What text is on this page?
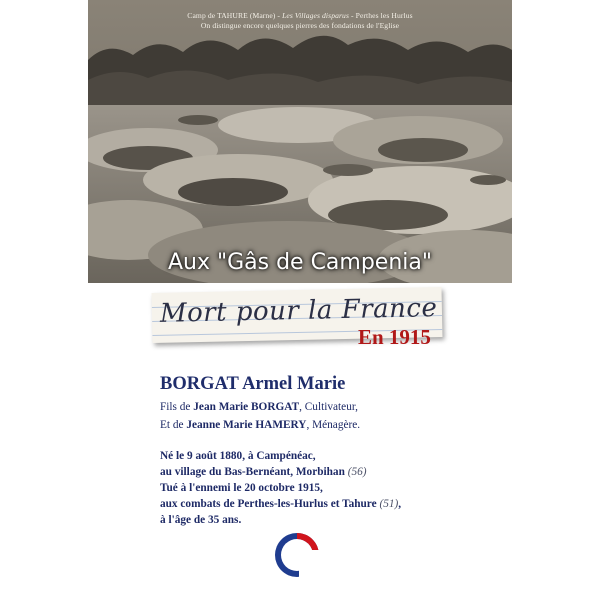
Camp de TAHURE (Marne) - Les Villages disparus - Perthes les Hurlus
On distingue encore quelques pierres des fondations de l'Eglise
Aux "Gâs de Campenia"
Mort pour la France
En 1915
BORGAT Armel Marie
Fils de Jean Marie BORGAT, Cultivateur,
Et de Jeanne Marie HAMERY, Ménagère.
Né le 9 août 1880, à Campénéac,
au village du Bas-Bernéant, Morbihan (56)
Tué à l'ennemi le 20 octobre 1915,
aux combats de Perthes-les-Hurlus et Tahure (51),
à l'âge de 35 ans.
